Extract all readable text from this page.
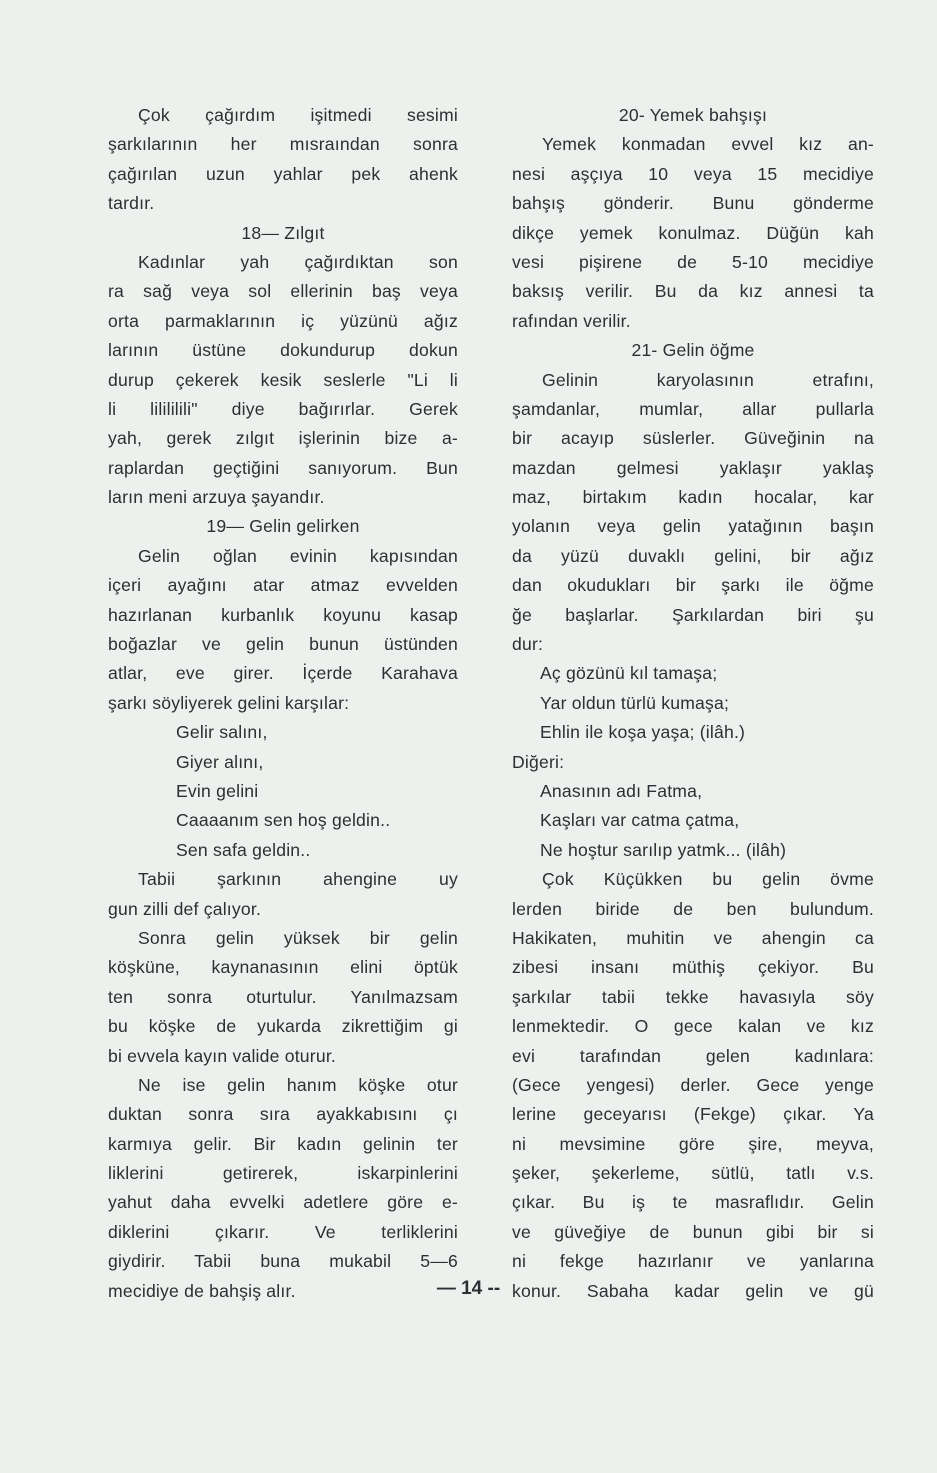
Çok çağırdım işitmedi sesimi
şarkılarının her mısraından sonra
çağırılan uzun yahlar pek ahenk
tardır.
18— Zılgıt
Kadınlar yah çağırdıktan son
ra sağ veya sol ellerinin baş veya
orta parmaklarının iç yüzünü ağız
larının üstüne dokundurup dokun
durup çekerek kesik seslerle "Li li
li lilililili" diye bağırırlar. Gerek
yah, gerek zılgıt işlerinin bize a-
raplardan geçtiğini sanıyorum. Bun
ların meni arzuya şayandır.
19— Gelin gelirken
Gelin oğlan evinin kapısından
içeri ayağını atar atmaz evvelden
hazırlanan kurbanlık koyunu kasap
boğazlar ve gelin bunun üstünden
atlar, eve girer. İçerde Karahava
şarkı söyliyerek gelini karşılar:
Gelir salını,
Giyer alını,
Evin gelini
Caaaanım sen hoş geldin..
Sen safa geldin..
Tabii şarkının ahengine uy
gun zilli def çalıyor.
Sonra gelin yüksek bir gelin
köşküne, kaynanasının elini öptük
ten sonra oturtulur. Yanılmazsam
bu köşke de yukarda zikrettiğim gi
bi evvela kayın valide oturur.
Ne ise gelin hanım köşke otur
duktan sonra sıra ayakkabısını çı
karmıya gelir. Bir kadın gelinin ter
liklerini getirerek, iskarpinlerini
yahut daha evvelki adetlere göre e-
diklerini çıkarır. Ve terliklerini
giydirir. Tabii buna mukabil 5—6
mecidiye de bahşiş alır.
20- Yemek bahşışı
Yemek konmadan evvel kız an-
nesi aşçıya 10 veya 15 mecidiye
bahşış gönderir. Bunu gönderme
dikçe yemek konulmaz. Düğün kah
vesi pişirene de 5-10 mecidiye
baksış verilir. Bu da kız annesi ta
rafından verilir.
21- Gelin öğme
Gelinin karyolasının etrafını,
şamdanlar, mumlar, allar pullarla
bir acayıp süslerler. Güveğinin na
mazdan gelmesi yaklaşır yaklaş
maz, birtakım kadın hocalar, kar
yolanın veya gelin yatağının başın
da yüzü duvaklı gelini, bir ağız
dan okudukları bir şarkı ile öğme
ğe başlarlar. Şarkılardan biri şu
dur:
Aç gözünü kıl tamaşa;
Yar oldun türlü kumaşa;
Ehlin ile koşa yaşa; (ilâh.)
Diğeri:
Anasının adı Fatma,
Kaşları var catma çatma,
Ne hoştur sarılıp yatmk... (ilâh)
Çok Küçükken bu gelin övme
lerden biride de ben bulundum.
Hakikaten, muhitin ve ahengin ca
zibesi insanı müthiş çekiyor. Bu
şarkılar tabii tekke havasıyla söy
lenmektedir. O gece kalan ve kız
evi tarafından gelen kadınlara:
(Gece yengesi) derler. Gece yenge
lerine geceyarısı (Fekge) çıkar. Ya
ni mevsimine göre şire, meyva,
şeker, şekerleme, sütlü, tatlı v.s.
çıkar. Bu iş te masraflıdır. Gelin
ve güveğiye de bunun gibi bir si
ni fekge hazırlanır ve yanlarına
konur. Sabaha kadar gelin ve gü
— 14 --
